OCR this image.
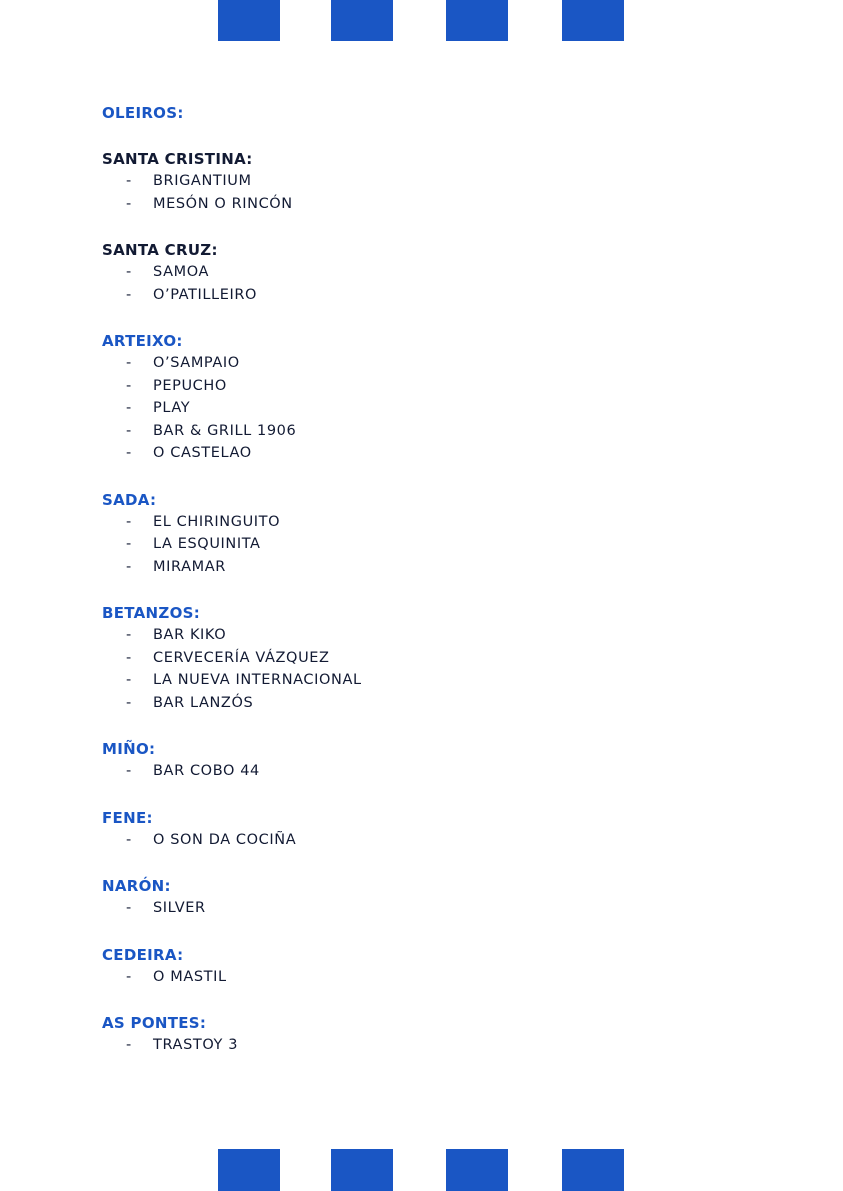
OLEIROS:
SANTA CRISTINA:
- BRIGANTIUM
- MESÓN O RINCÓN
SANTA CRUZ:
- SAMOA
- O’PATILLEIRO
ARTEIXO:
- O’SAMPAIO
- PEPUCHO
- PLAY
- BAR & GRILL 1906
- O CASTELAO
SADA:
- EL CHIRINGUITO
- LA ESQUINITA
- MIRAMAR
BETANZOS:
- BAR KIKO
- CERVECERÍA VÁZQUEZ
- LA NUEVA INTERNACIONAL
- BAR LANZÓS
MIÑO:
- BAR COBO 44
FENE:
- O SON DA COCIÑA
NARÓN:
- SILVER
CEDEIRA:
- O MASTIL
AS PONTES:
- TRASTOY 3
